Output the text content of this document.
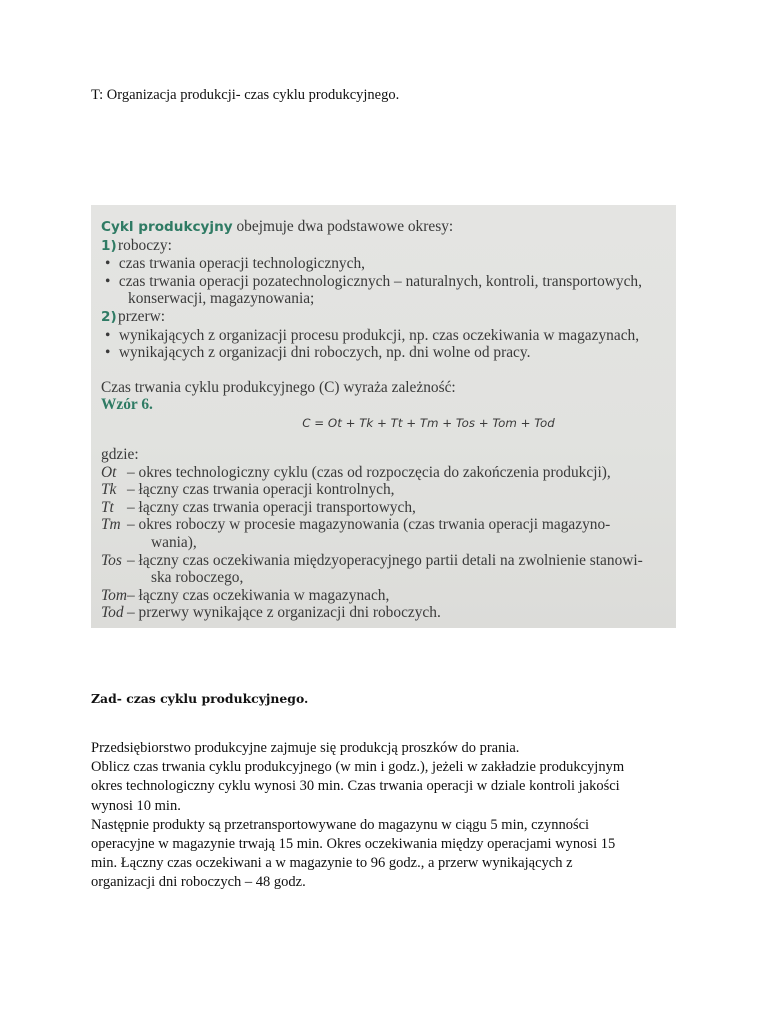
T: Organizacja produkcji- czas cyklu produkcyjnego.
Cykl produkcyjny obejmuje dwa podstawowe okresy:
1)roboczy:
• czas trwania operacji technologicznych,
• czas trwania operacji pozatechnologicznych – naturalnych, kontroli, transportowych,
konserwacji, magazynowania;
2)przerw:
• wynikających z organizacji procesu produkcji, np. czas oczekiwania w magazynach,
• wynikających z organizacji dni roboczych, np. dni wolne od pracy.
Czas trwania cyklu produkcyjnego (C) wyraża zależność:
Wzór 6.
C = Ot + Tk + Tt + Tm + Tos + Tom + Tod
gdzie:
Ot – okres technologiczny cyklu (czas od rozpoczęcia do zakończenia produkcji),
Tk – łączny czas trwania operacji kontrolnych,
Tt – łączny czas trwania operacji transportowych,
Tm – okres roboczy w procesie magazynowania (czas trwania operacji magazyno-
wania),
Tos – łączny czas oczekiwania międzyoperacyjnego partii detali na zwolnienie stanowi-
ska roboczego,
Tom– łączny czas oczekiwania w magazynach,
Tod – przerwy wynikające z organizacji dni roboczych.
Zad- czas cyklu produkcyjnego.
Przedsiębiorstwo produkcyjne zajmuje się produkcją proszków do prania.
Oblicz czas trwania cyklu produkcyjnego (w min i godz.), jeżeli w zakładzie produkcyjnym
okres technologiczny cyklu wynosi 30 min. Czas trwania operacji w dziale kontroli jakości
wynosi 10 min.
Następnie produkty są przetransportowywane do magazynu w ciągu 5 min, czynności
operacyjne w magazynie trwają 15 min. Okres oczekiwania między operacjami wynosi 15
min. Łączny czas oczekiwani a w magazynie to 96 godz., a przerw wynikających z
organizacji dni roboczych – 48 godz.
